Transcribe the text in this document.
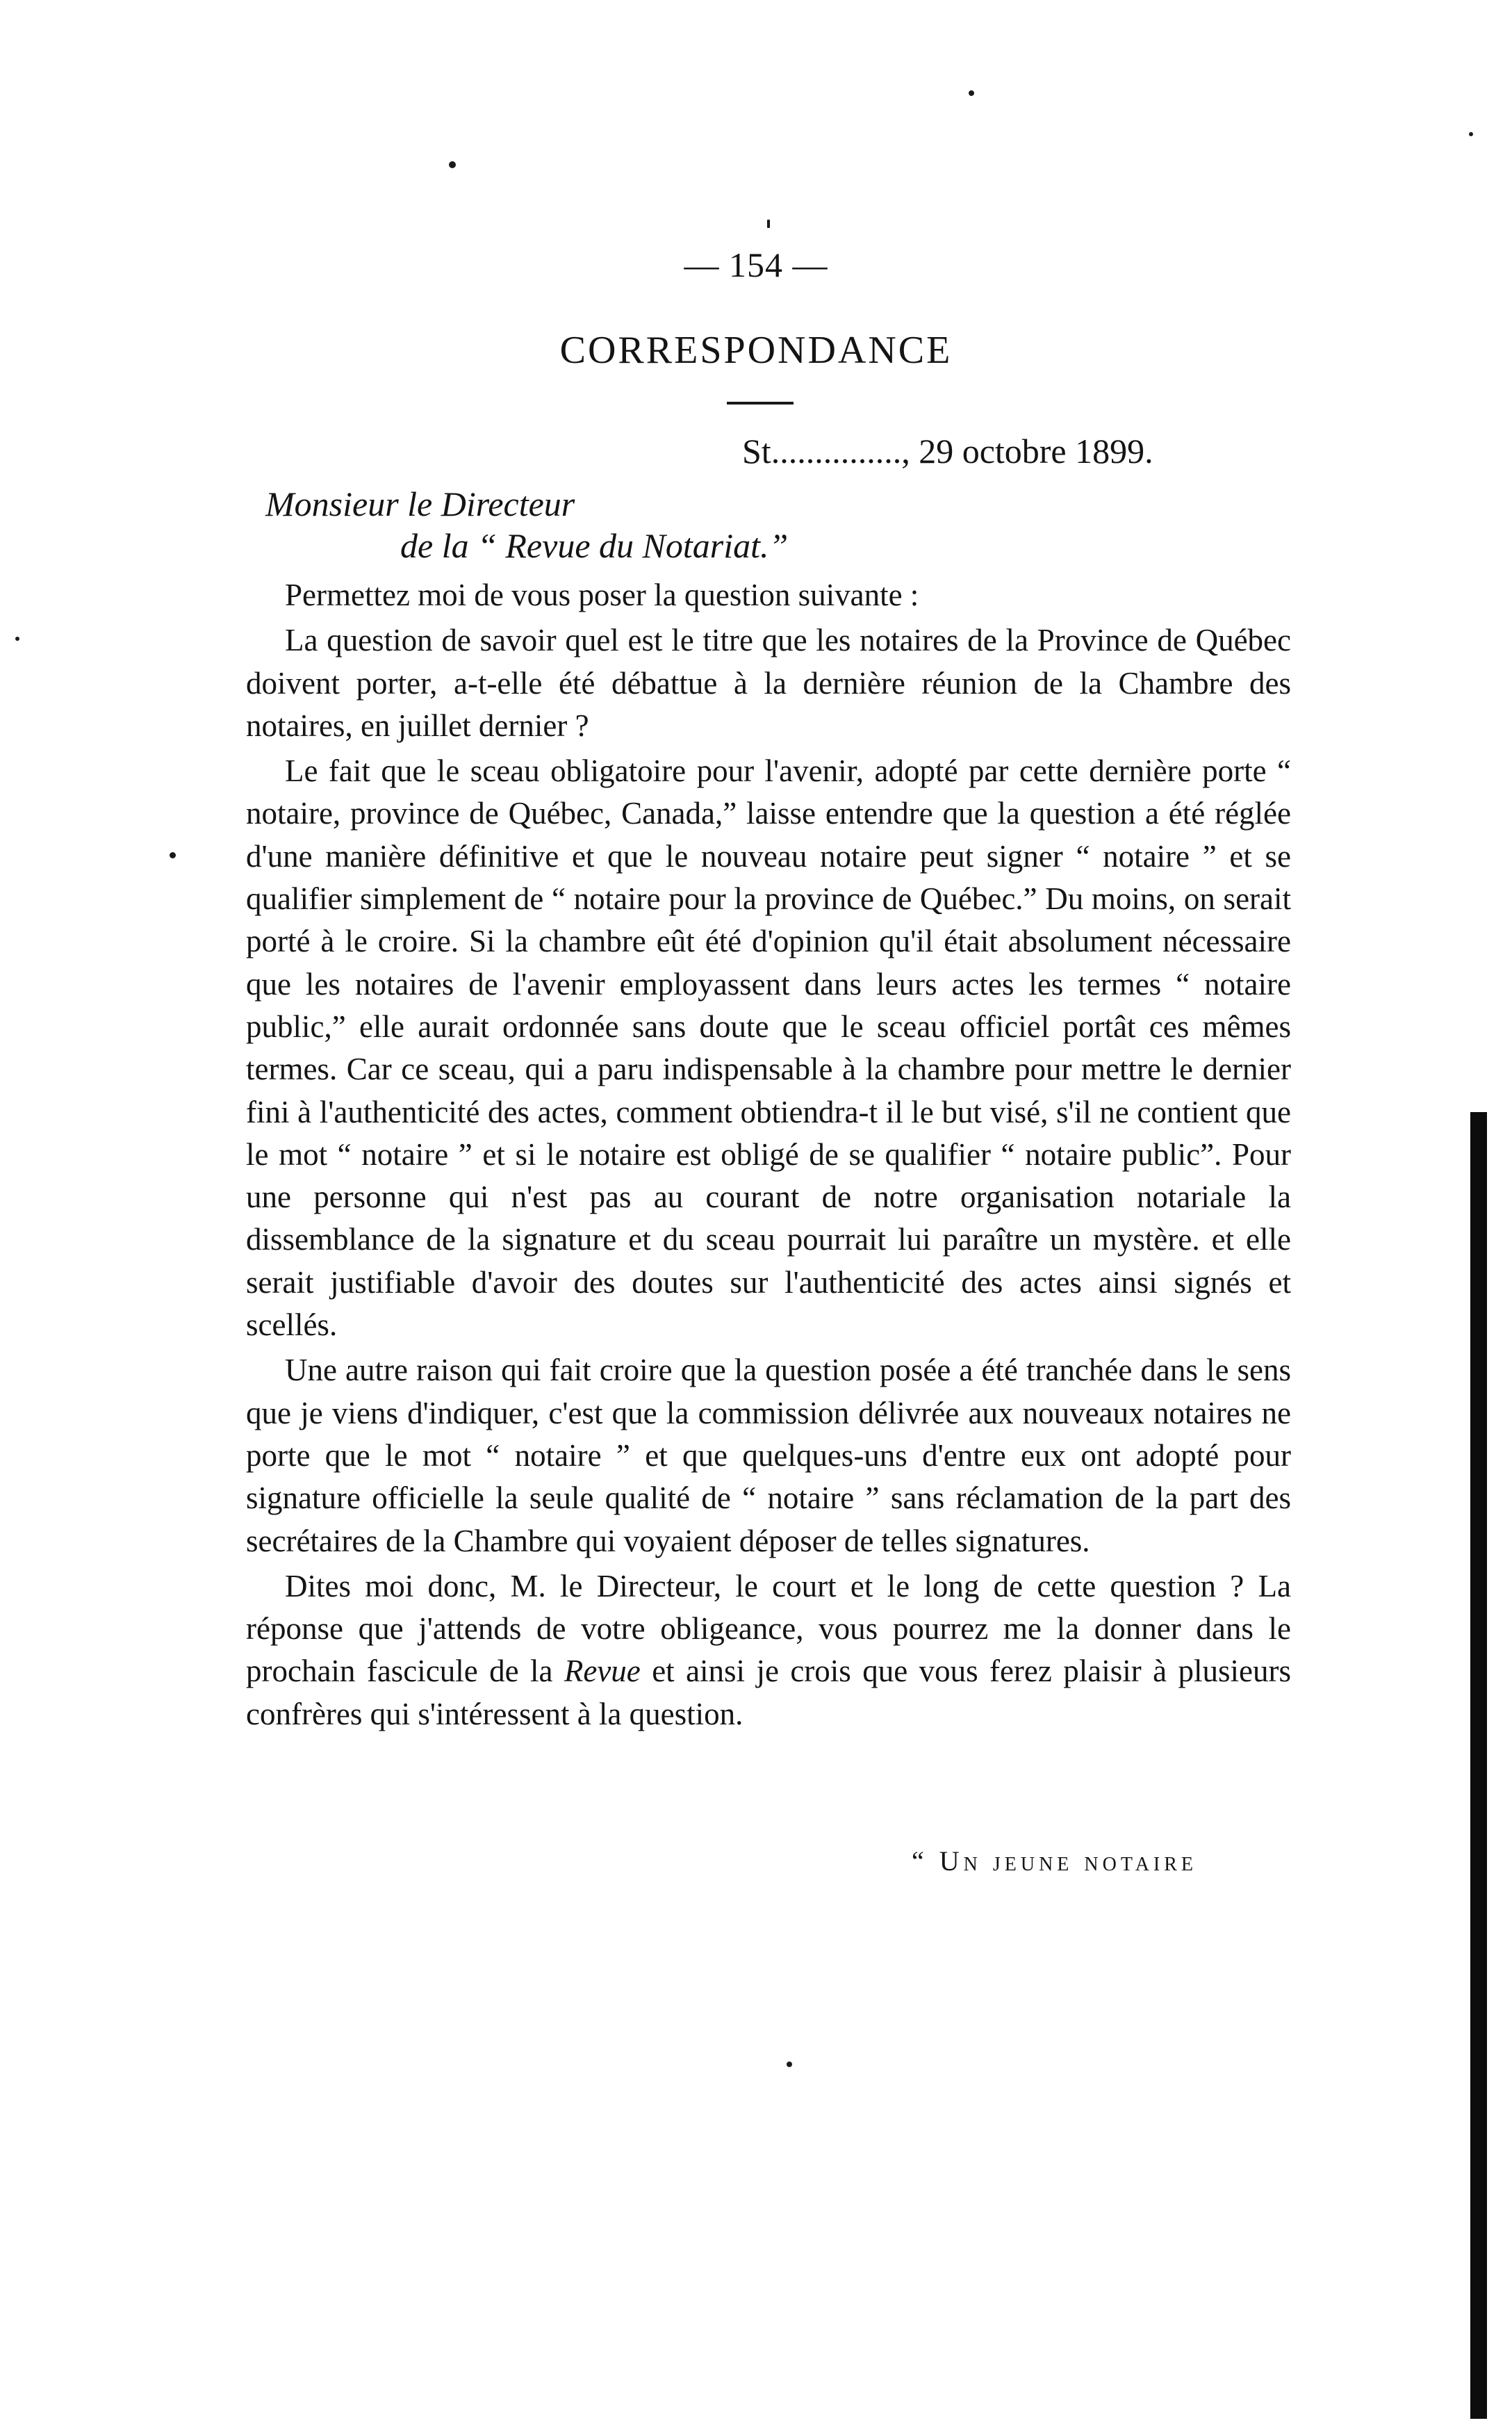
— 154 —
CORRESPONDANCE
St..............., 29 octobre 1899.
Monsieur le Directeur
de la “ Revue du Notariat.”

Permettez moi de vous poser la question suivante :

La question de savoir quel est le titre que les notaires de la Province de Québec doivent porter, a-t-elle été débattue à la dernière réunion de la Chambre des notaires, en juillet dernier ?

Le fait que le sceau obligatoire pour l'avenir, adopté par cette dernière porte “ notaire, province de Québec, Canada,” laisse entendre que la question a été réglée d'une manière définitive et que le nouveau notaire peut signer “ notaire ” et se qualifier simplement de “ notaire pour la province de Québec.” Du moins, on serait porté à le croire. Si la chambre eût été d'opinion qu'il était absolument nécessaire que les notaires de l'avenir employassent dans leurs actes les termes “ notaire public,” elle aurait ordonnée sans doute que le sceau officiel portât ces mêmes termes. Car ce sceau, qui a paru indispensable à la chambre pour mettre le dernier fini à l'authenticité des actes, comment obtiendra-t il le but visé, s'il ne contient que le mot “ notaire ” et si le notaire est obligé de se qualifier “ notaire public”. Pour une personne qui n'est pas au courant de notre organisation notariale la dissemblance de la signature et du sceau pourrait lui paraître un mystère. et elle serait justifiable d'avoir des doutes sur l'authenticité des actes ainsi signés et scellés.

Une autre raison qui fait croire que la question posée a été tranchée dans le sens que je viens d'indiquer, c'est que la commission délivrée aux nouveaux notaires ne porte que le mot “ notaire ” et que quelques-uns d'entre eux ont adopté pour signature officielle la seule qualité de “ notaire ” sans réclamation de la part des secrétaires de la Chambre qui voyaient déposer de telles signatures.

Dites moi donc, M. le Directeur, le court et le long de cette question ? La réponse que j'attends de votre obligeance, vous pourrez me la donner dans le prochain fascicule de la Revue et ainsi je crois que vous ferez plaisir à plusieurs confrères qui s'intéressent à la question.

“ Un jeune notaire
